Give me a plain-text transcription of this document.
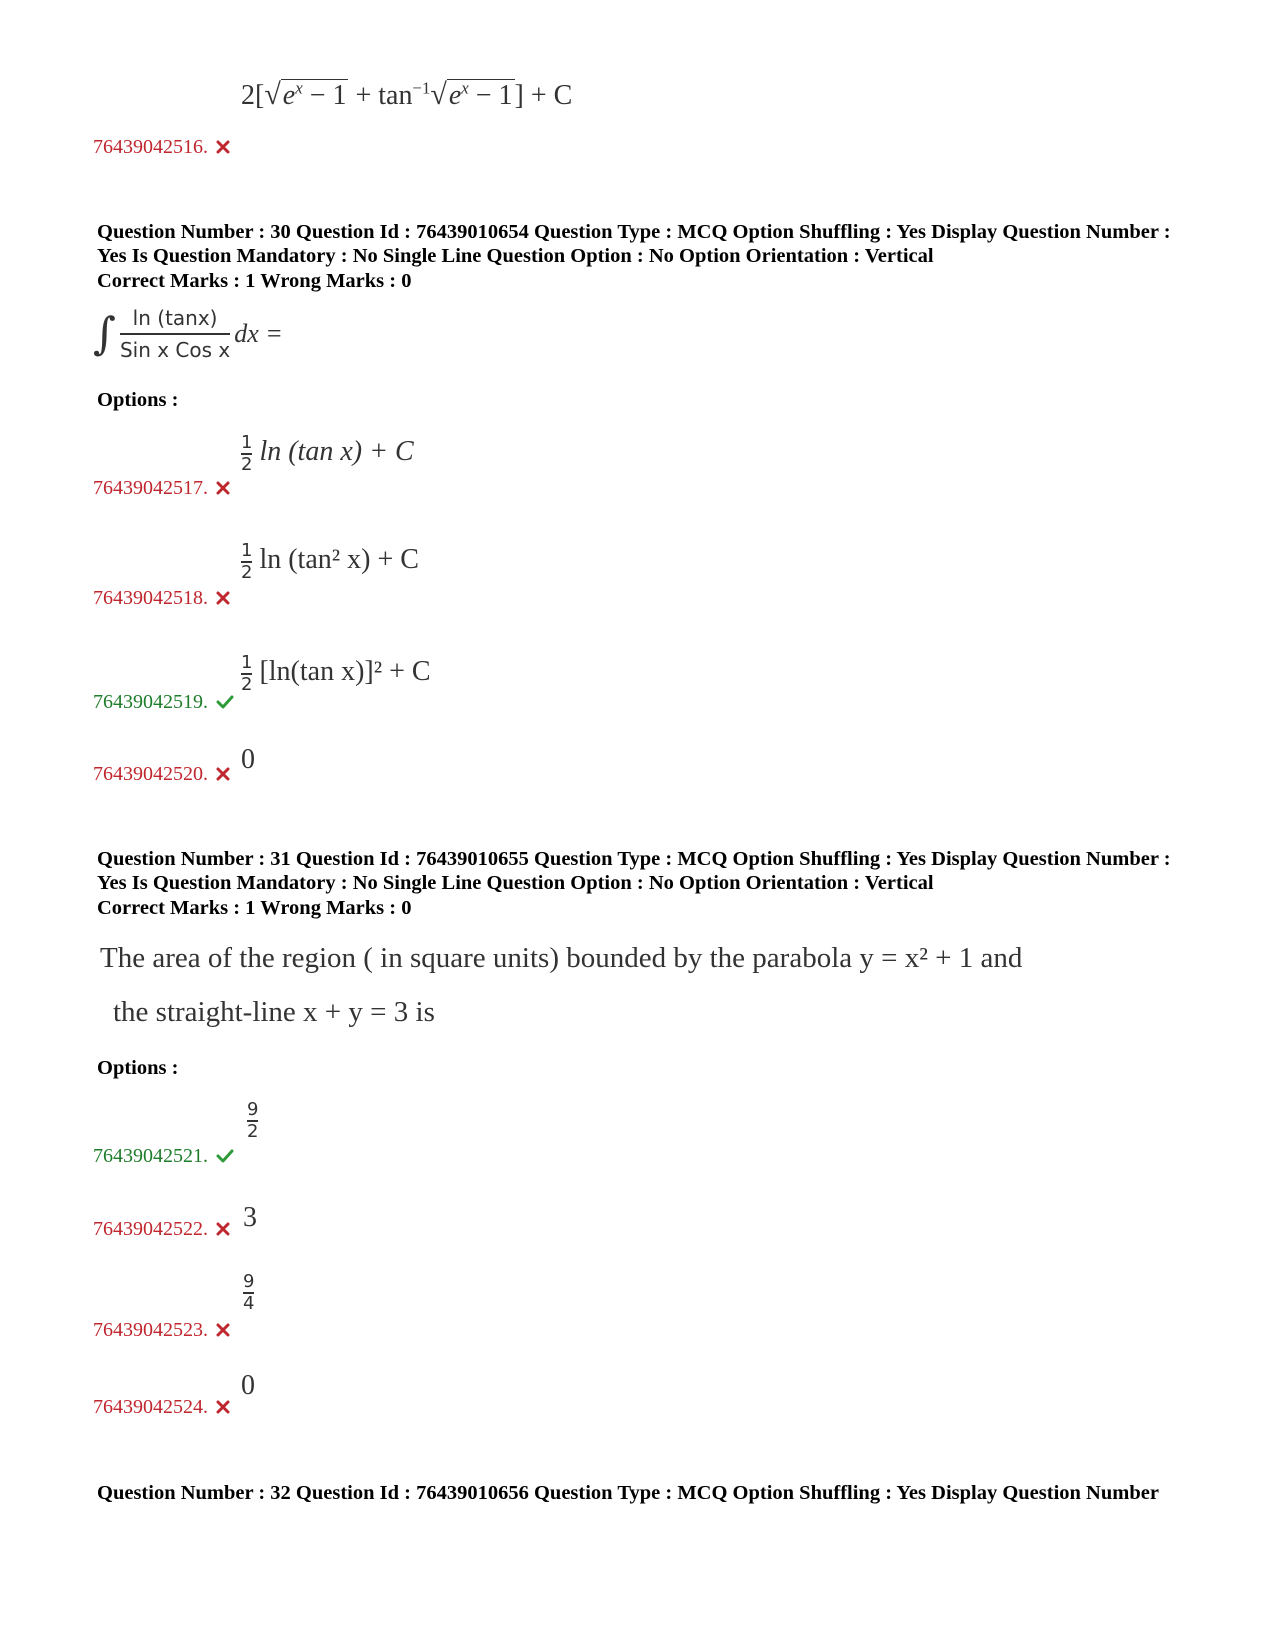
$2[√e^x - 1 + \tan^{-1}√e^x - 1] + C$
76439042516.
Question Number : 30 Question Id : 76439010654 Question Type : MCQ Option Shuffling : Yes Display Question Number : Yes Is Question Mandatory : No Single Line Question Option : No Option Orientation : Vertical
Correct Marks : 1 Wrong Marks : 0
∫ ln (tanx)
Sin x Cos x
dx =
Options :
$\frac{1}{2}$ ln (tan x) + C
76439042517.
$\frac{1}{2}$ ln (tan² x) + C
76439042518.
$\frac{1}{2} [\ln(\tan$ x)]² + C
76439042519.
0
76439042520.
Question Number : 31 Question Id : 76439010655 Question Type : MCQ Option Shuffling : Yes Display Question Number : Yes Is Question Mandatory : No Single Line Question Option : No Option Orientation : Vertical
Correct Marks : 1 Wrong Marks : 0
The area of the region ( in square units) bounded by the parabola y = x² + 1 and
the straight-line x + y = 3 is
Options :
$\frac{9}{2}$
76439042521.
3
76439042522.
$\frac{9}{4}$
76439042523.
0
76439042524.
Question Number : 32 Question Id : 76439010656 Question Type : MCQ Option Shuffling : Yes Display Question Number
